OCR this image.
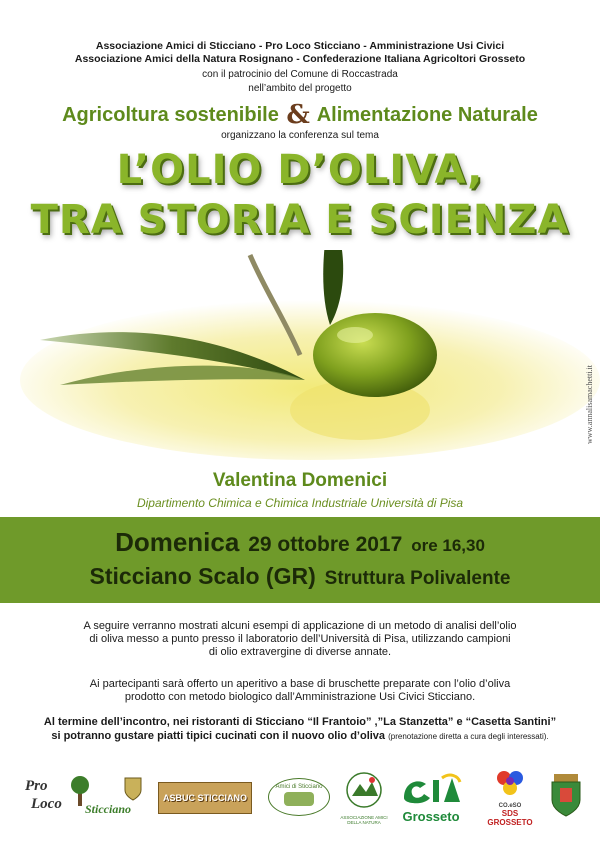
Associazione Amici di Sticciano - Pro Loco Sticciano - Amministrazione Usi Civici
Associazione Amici della Natura Rosignano - Confederazione Italiana Agricoltori Grosseto
con il patrocinio del Comune di Roccastrada
nell’ambito del progetto
Agricoltura sostenibile & Alimentazione Naturale
organizzano la conferenza sul tema
L’OLIO D’OLIVA,
TRA STORIA E SCIENZA
www.annalisamachetti.it
Valentina Domenici
Dipartimento Chimica e Chimica Industriale Università di Pisa
Domenica 29 ottobre 2017 ore 16,30
Sticciano Scalo (GR) Struttura Polivalente
A seguire verranno mostrati alcuni esempi di applicazione di un metodo di analisi dell’olio
di oliva messo a punto presso il laboratorio dell’Università di Pisa, utilizzando campioni
di olio extravergine di diverse annate.
Ai partecipanti sarà offerto un aperitivo a base di bruschette preparate con l’olio d’oliva
prodotto con metodo biologico dall’Amministrazione Usi Civici Sticciano.
Al termine dell’incontro, nei ristoranti di Sticciano “Il Frantoio” ,”La Stanzetta” e “Casetta Santini”
si potranno gustare piatti tipici cucinati con il nuovo olio d’oliva (prenotazione diretta a cura degli interessati).
Pro
Loco Sticciano
ASBUC STICCIANO
Amici di Sticciano
ASSOCIAZIONE AMICI DELLA NATURA	Grosseto
CO.eSO
SDS GROSSETO
